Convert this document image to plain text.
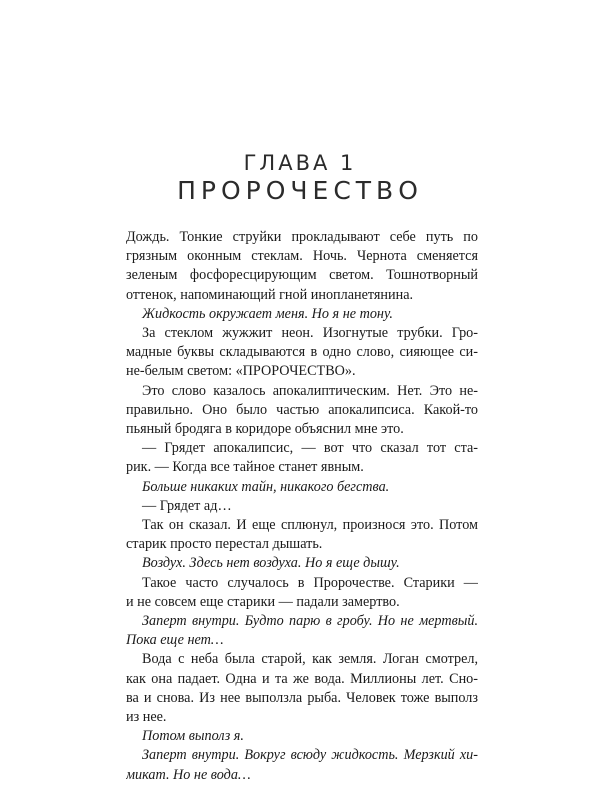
ГЛАВА 1
ПРОРОЧЕСТВО
Дождь. Тонкие струйки прокладывают себе путь по
грязным оконным стеклам. Ночь. Чернота сменяется
зеленым фосфоресцирующим светом. Тошнотворный
оттенок, напоминающий гной инопланетянина.
Жидкость окружает меня. Но я не тону.
За стеклом жужжит неон. Изогнутые трубки. Гро-
мадные буквы складываются в одно слово, сияющее си-
не-белым светом: «ПРОРОЧЕСТВО».
Это слово казалось апокалиптическим. Нет. Это не-
правильно. Оно было частью апокалипсиса. Какой-то
пьяный бродяга в коридоре объяснил мне это.
— Грядет апокалипсис, — вот что сказал тот ста-
рик. — Когда все тайное станет явным.
Больше никаких тайн, никакого бегства.
— Грядет ад…
Так он сказал. И еще сплюнул, произнося это. Потом
старик просто перестал дышать.
Воздух. Здесь нет воздуха. Но я еще дышу.
Такое часто случалось в Пророчестве. Старики —
и не совсем еще старики — падали замертво.
Заперт внутри. Будто парю в гробу. Но не мертвый.
Пока еще нет…
Вода с неба была старой, как земля. Логан смотрел,
как она падает. Одна и та же вода. Миллионы лет. Сно-
ва и снова. Из нее выползла рыба. Человек тоже выполз
из нее.
Потом выполз я.
Заперт внутри. Вокруг всюду жидкость. Мерзкий хи-
микат. Но не вода…
